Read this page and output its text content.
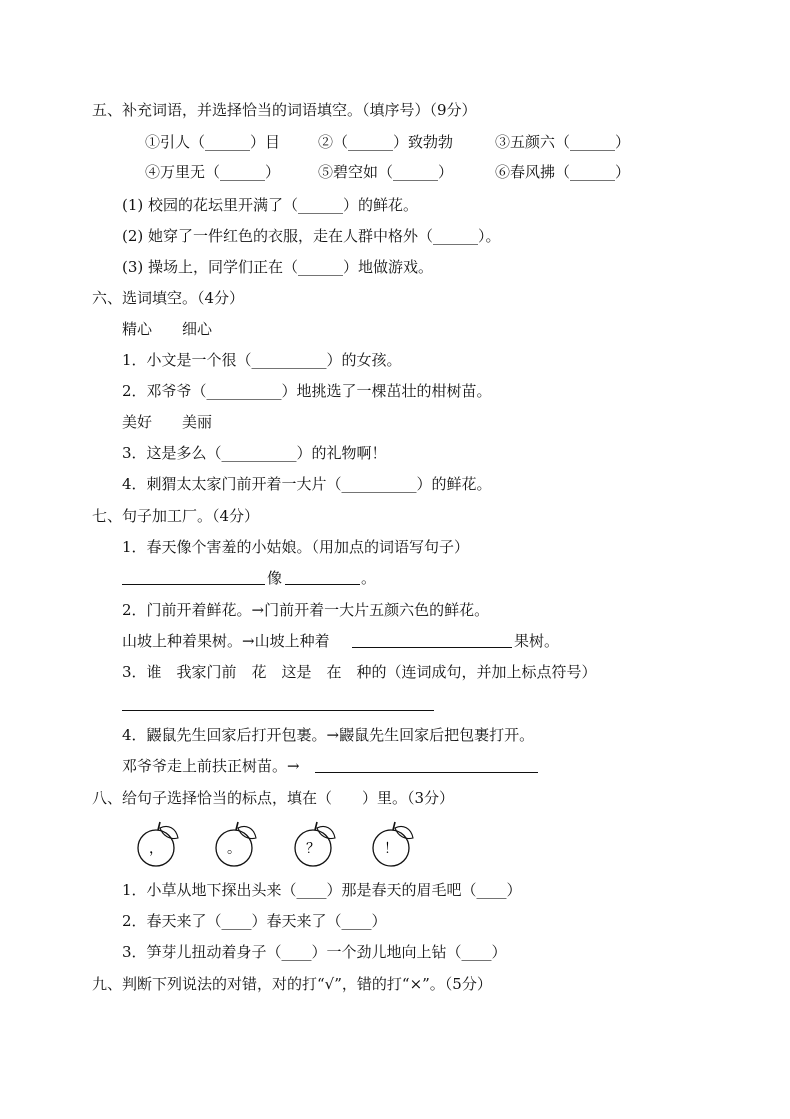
五、补充词语，并选择恰当的词语填空。（填序号）（9分）
①引人（______）目	②（______）致勃勃	③五颜六（______）
④万里无（______）	⑤碧空如（______）	⑥春风拂（______）
(1) 校园的花坛里开满了（______）的鲜花。
(2) 她穿了一件红色的衣服，走在人群中格外（______）。
(3) 操场上，同学们正在（______）地做游戏。
六、选词填空。（4分）
精心　　细心
1．小文是一个很（__________）的女孩。
2．邓爷爷（__________）地挑选了一棵茁壮的柑树苗。
美好　　美丽
3．这是多么（__________）的礼物啊！
4．刺猬太太家门前开着一大片（__________）的鲜花。
七、句子加工厂。（4分）
1．春天像个害羞的小姑娘。（用加点的词语写句子）
像	。
2．门前开着鲜花。→门前开着一大片五颜六色的鲜花。
山坡上种着果树。→山坡上种着	果树。
3．谁　我家门前　花　这是　在　种的（连词成句，并加上标点符号）
4．鼹鼠先生回家后打开包裹。→鼹鼠先生回家后把包裹打开。
邓爷爷走上前扶正树苗。→
八、给句子选择恰当的标点，填在（　　）里。（3分）
，	。	？	！
1．小草从地下探出头来（____）那是春天的眉毛吧（____）
2．春天来了（____）春天来了（____）
3．笋芽儿扭动着身子（____）一个劲儿地向上钻（____）
九、判断下列说法的对错，对的打“√”，错的打“×”。（5分）
